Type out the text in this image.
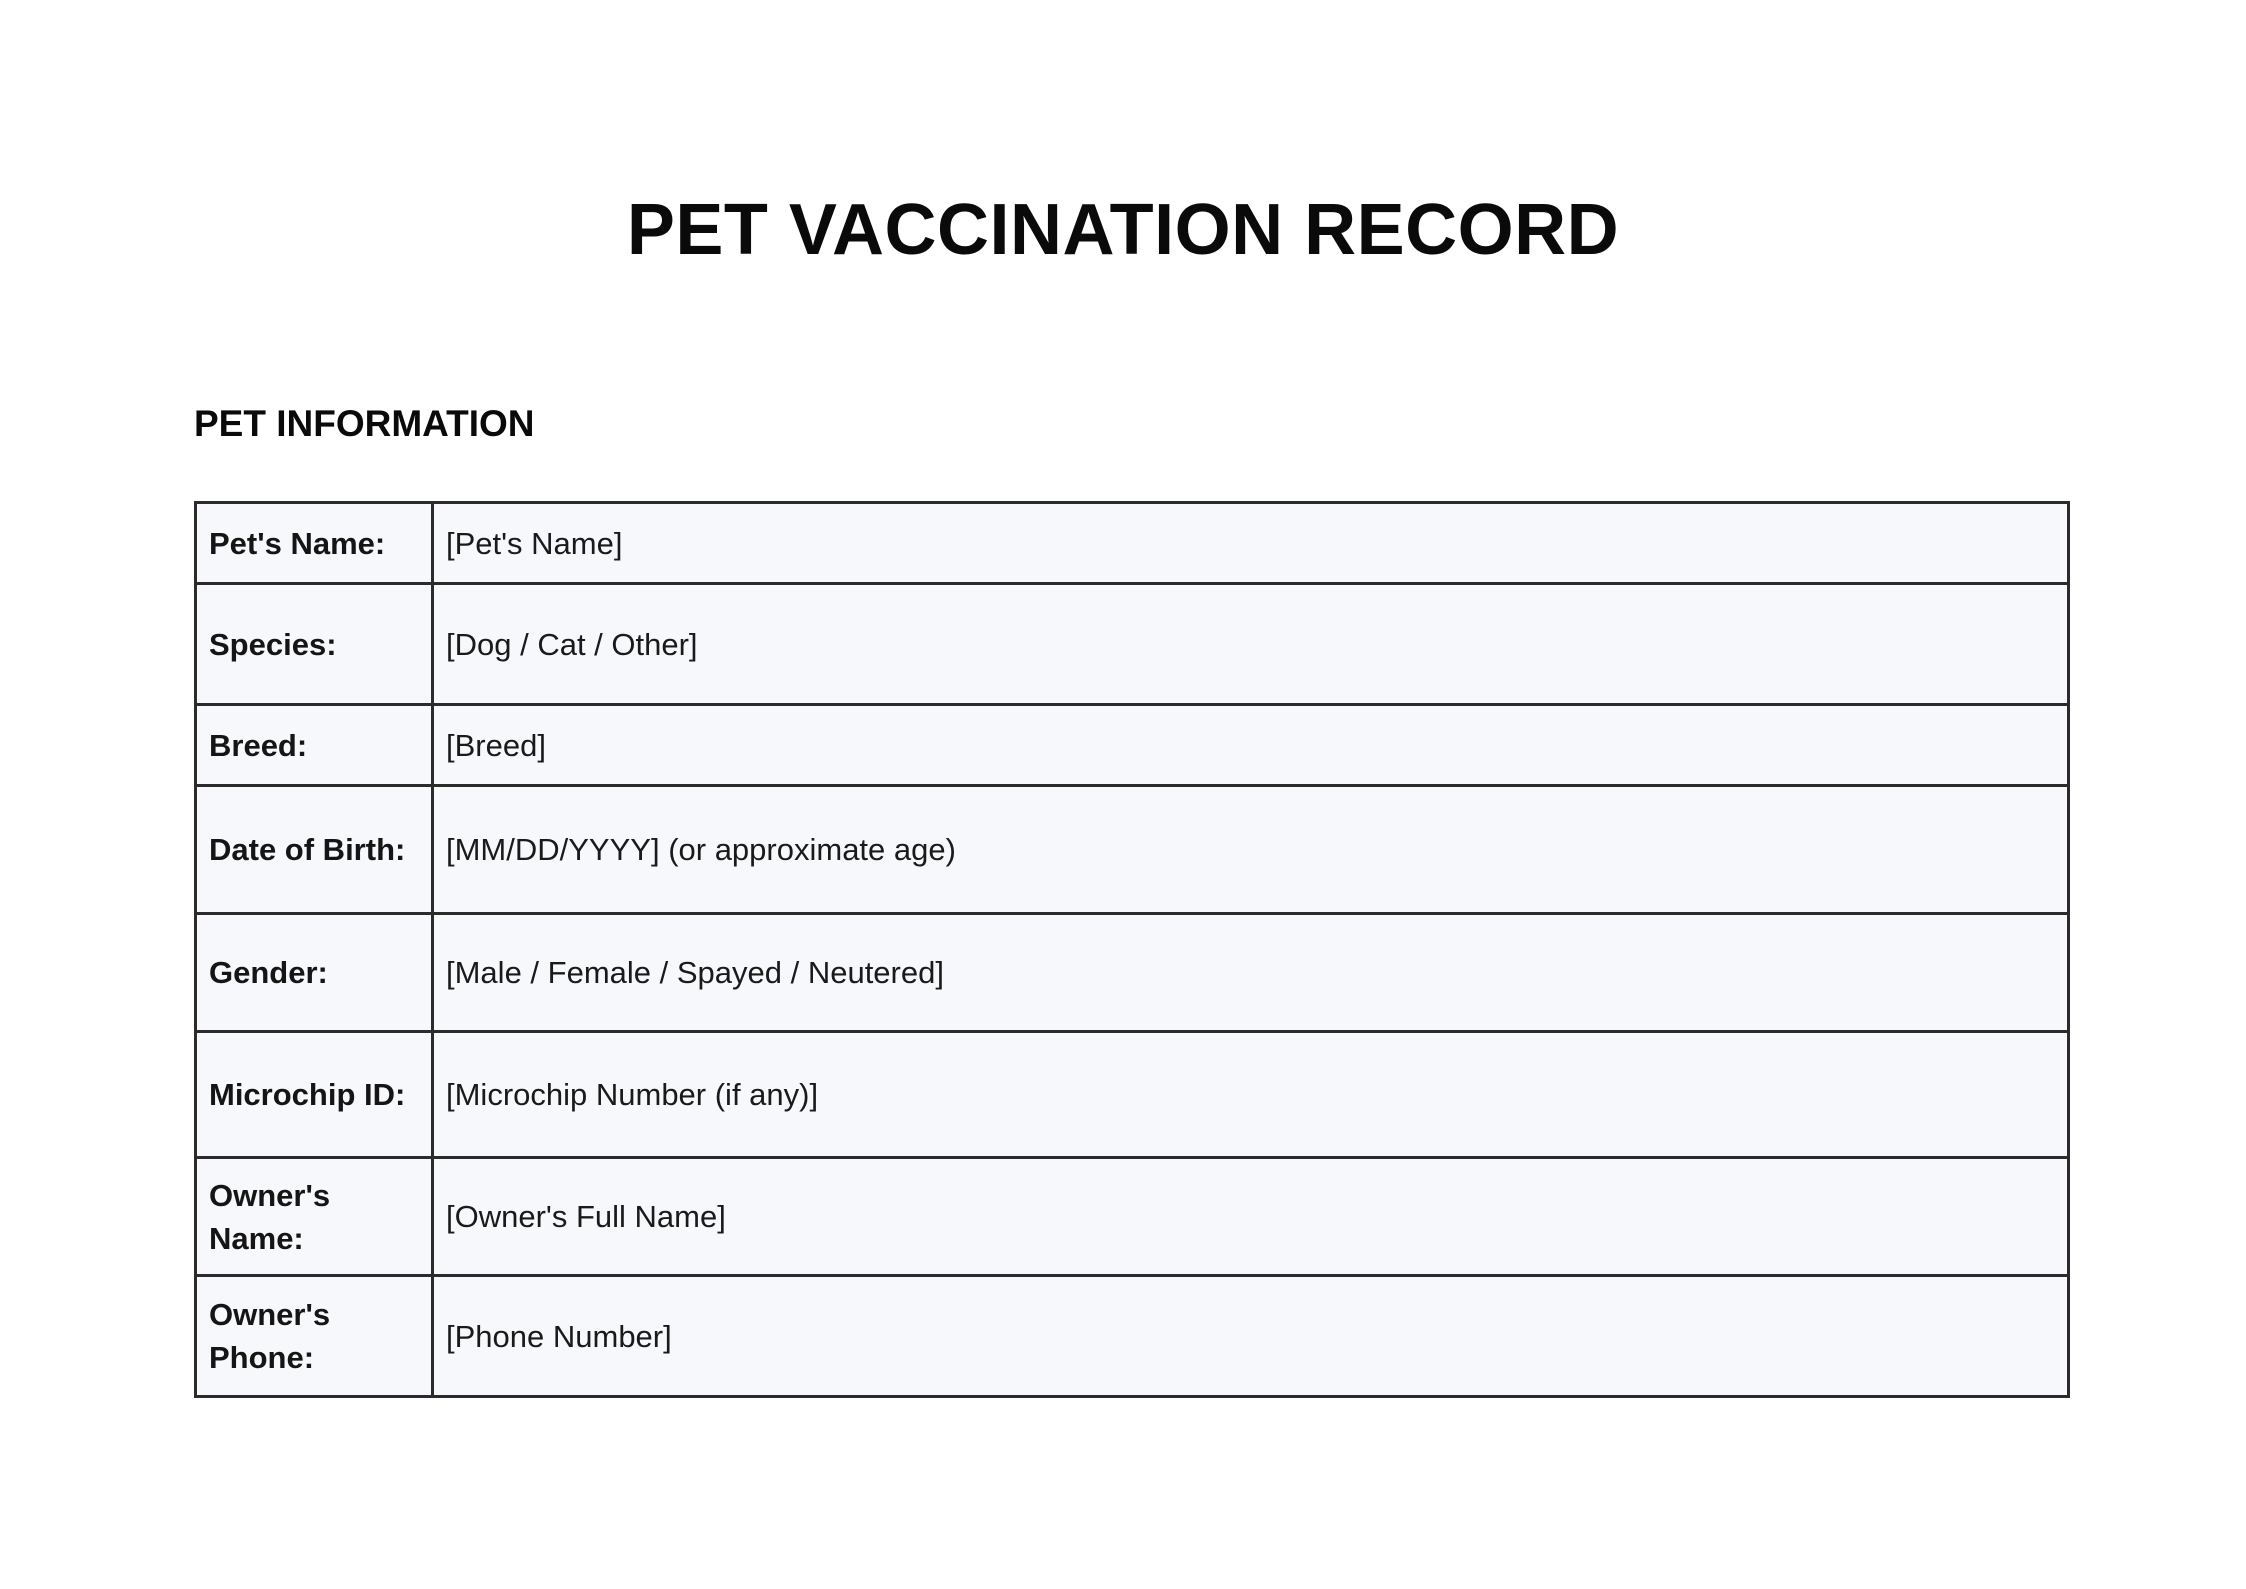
PET VACCINATION RECORD
PET INFORMATION
Pet's Name:	[Pet's Name]
Species:	[Dog / Cat / Other]
Breed:	[Breed]
Date of Birth:	[MM/DD/YYYY] (or approximate age)
Gender:	[Male / Female / Spayed / Neutered]
Microchip ID:	[Microchip Number (if any)]
Owner's Name:	[Owner's Full Name]
Owner's Phone:	[Phone Number]
